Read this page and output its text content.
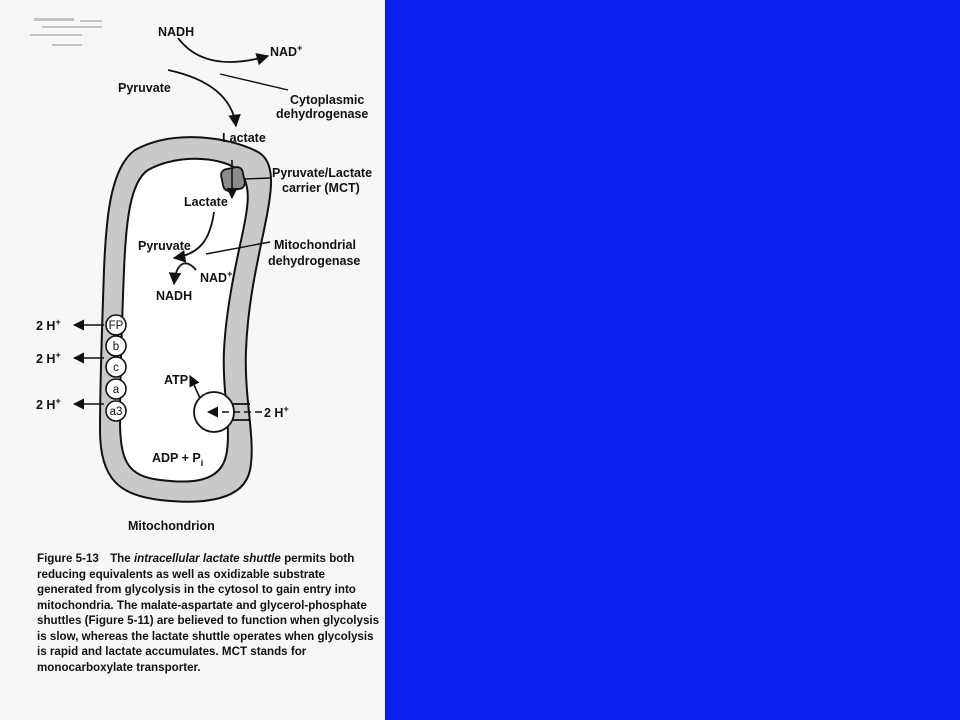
FP
b
c
a
a3
NADH
NAD+
Pyruvate
Cytoplasmic
dehydrogenase
Lactate
Pyruvate/Lactate
carrier (MCT)
Lactate
Pyruvate	Mitochondrial
dehydrogenase
NAD+
NADH
2 H+
2 H+
2 H+
ATP
2 H+
ADP + $P_i$
Mitochondrion
Figure 5-13 The intracellular lactate shuttle permits both reducing equivalents as well as oxidizable substrate generated from glycolysis in the cytosol to gain entry into mitochondria. The malate-aspartate and glycerol-phosphate shuttles (Figure 5-11) are believed to function when glycolysis is slow, whereas the lactate shuttle operates when glycolysis is rapid and lactate accumulates. MCT stands for monocarboxylate transporter.
